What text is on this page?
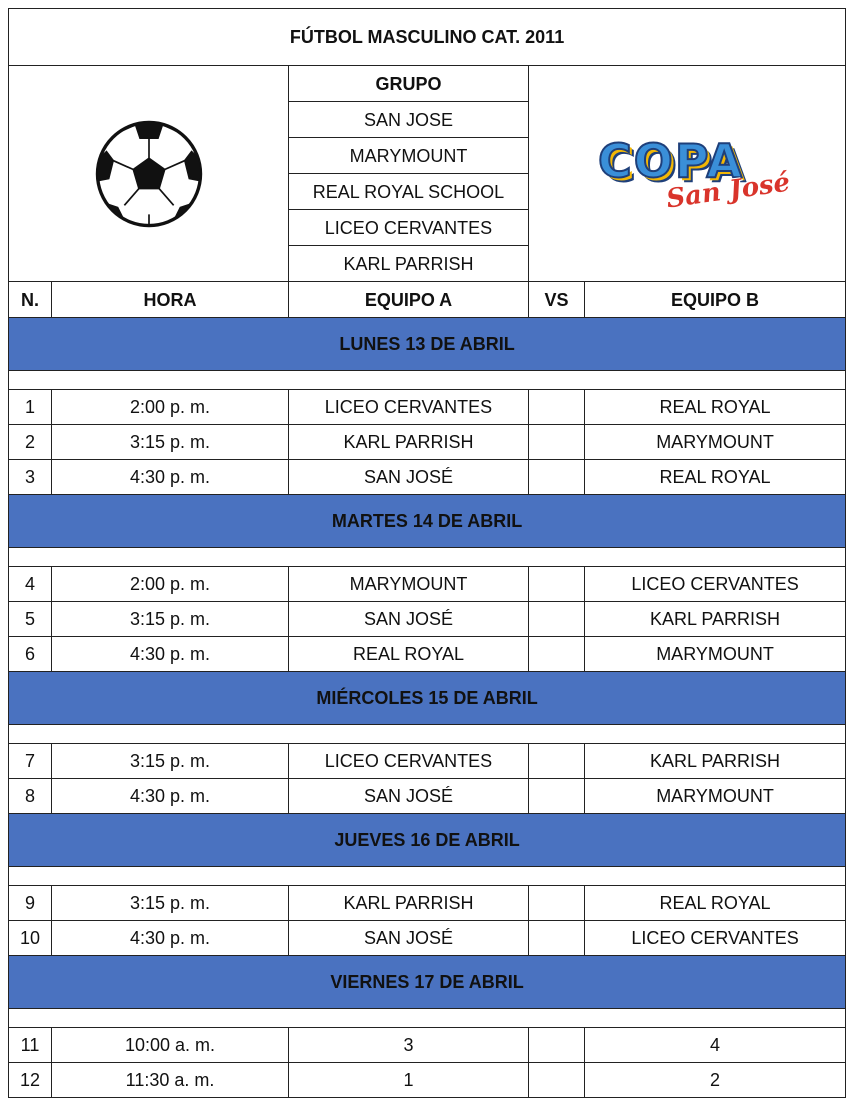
FÚTBOL MASCULINO CAT. 2011				

	GRUPO	COPA
San José	

		SAN JOSE		
		MARYMOUNT		
		REAL ROYAL SCHOOL		
		LICEO CERVANTES		
		KARL PARRISH		
N.	HORA	EQUIPO A	VS	EQUIPO B
LUNES 13 DE ABRIL				

1	2:00 p. m.	LICEO CERVANTES		REAL ROYAL
2	3:15 p. m.	KARL PARRISH		MARYMOUNT
3	4:30 p. m.	SAN JOSÉ		REAL ROYAL
MARTES 14 DE ABRIL				

4	2:00 p. m.	MARYMOUNT		LICEO CERVANTES
5	3:15 p. m.	SAN JOSÉ		KARL PARRISH
6	4:30 p. m.	REAL ROYAL		MARYMOUNT
MIÉRCOLES 15 DE ABRIL				

7	3:15 p. m.	LICEO CERVANTES		KARL PARRISH
8	4:30 p. m.	SAN JOSÉ		MARYMOUNT
JUEVES 16 DE ABRIL				

9	3:15 p. m.	KARL PARRISH		REAL ROYAL
10	4:30 p. m.	SAN JOSÉ		LICEO CERVANTES
VIERNES 17 DE ABRIL				

11	10:00 a. m.	3		4
12	11:30 a. m.	1		2
